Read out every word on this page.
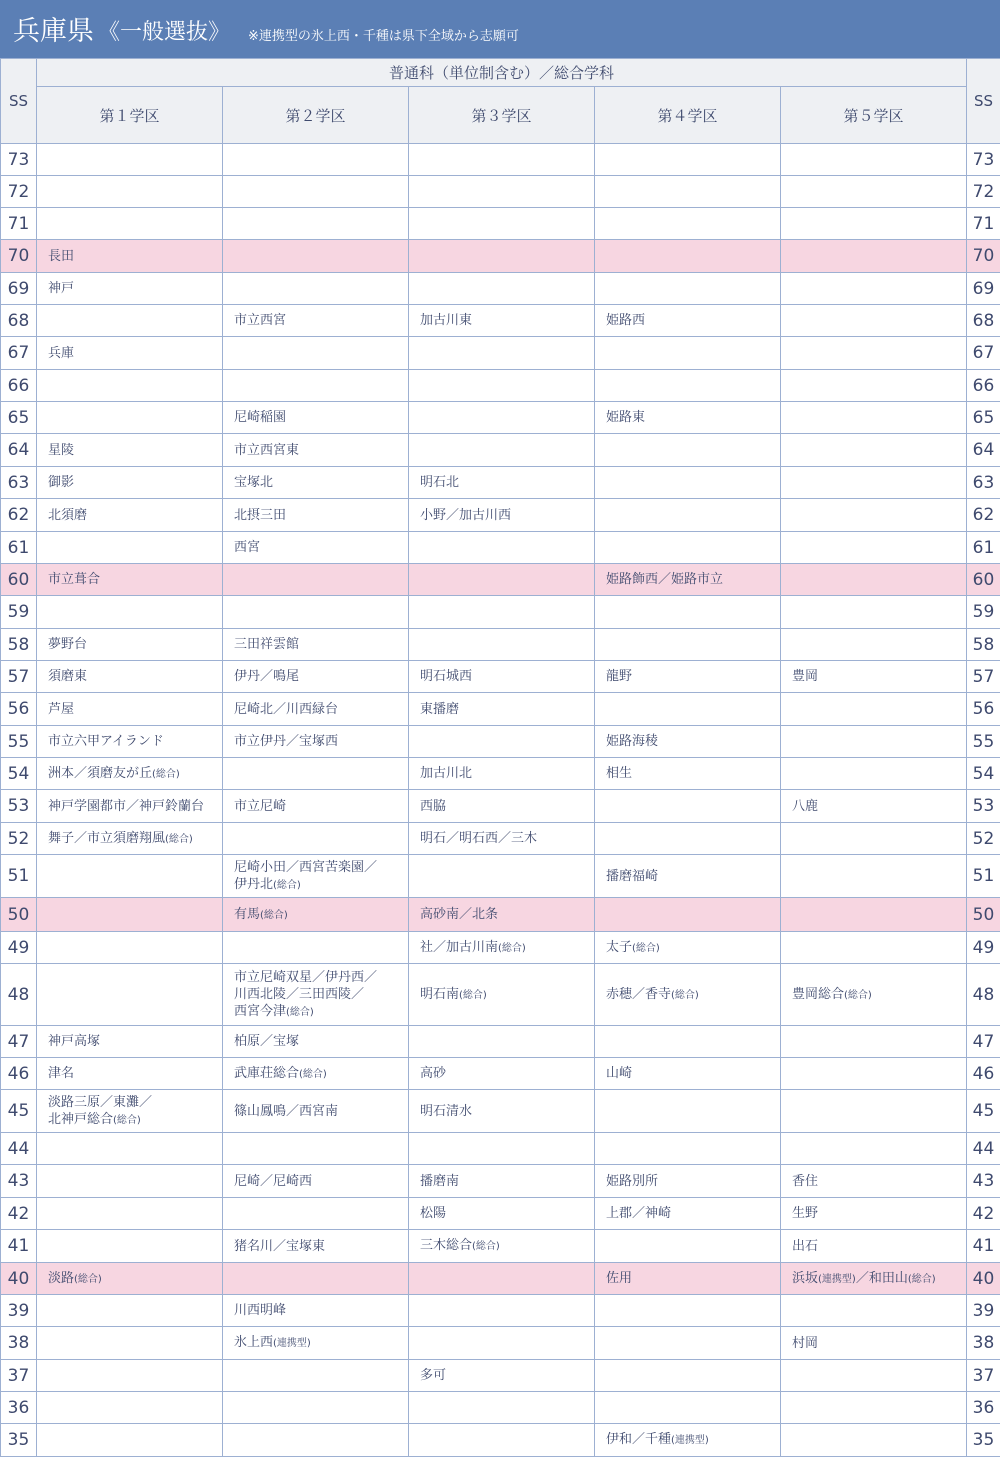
兵庫県 《一般選抜》 ※連携型の氷上西・千種は県下全域から志願可
SS	普通科（単位制含む）／総合学科					SS
	第１学区	第２学区	第３学区	第４学区	第５学区	
73						73
72						72
71						71
70	長田					70
69	神戸					69
68		市立西宮	加古川東	姫路西		68
67	兵庫					67
66						66
65		尼崎稲園		姫路東		65
64	星陵	市立西宮東				64
63	御影	宝塚北	明石北			63
62	北須磨	北摂三田	小野／加古川西			62
61		西宮				61
60	市立葺合			姫路飾西／姫路市立		60
59						59
58	夢野台	三田祥雲館				58
57	須磨東	伊丹／鳴尾	明石城西	龍野	豊岡	57
56	芦屋	尼崎北／川西緑台	東播磨			56
55	市立六甲アイランド	市立伊丹／宝塚西		姫路海稜		55
54	洲本／須磨友が丘(総合)		加古川北	相生		54
53	神戸学園都市／神戸鈴蘭台	市立尼崎	西脇		八鹿	53
52	舞子／市立須磨翔風(総合)		明石／明石西／三木			52
51		尼崎小田／西宮苦楽園／
伊丹北(総合)		播磨福崎		51
50		有馬(総合)	高砂南／北条			50
49			社／加古川南(総合)	太子(総合)		49
48		市立尼崎双星／伊丹西／
川西北陵／三田西陵／
西宮今津(総合)	明石南(総合)	赤穂／香寺(総合)	豊岡総合(総合)	48
47	神戸高塚	柏原／宝塚				47
46	津名	武庫荘総合(総合)	高砂	山崎		46
45	淡路三原／東灘／
北神戸総合(総合)	篠山鳳鳴／西宮南	明石清水			45
44						44
43		尼崎／尼崎西	播磨南	姫路別所	香住	43
42			松陽	上郡／神崎	生野	42
41		猪名川／宝塚東	三木総合(総合)		出石	41
40	淡路(総合)			佐用	浜坂(連携型)／和田山(総合)	40
39		川西明峰				39
38		氷上西(連携型)			村岡	38
37			多可			37
36						36
35				伊和／千種(連携型)		35
